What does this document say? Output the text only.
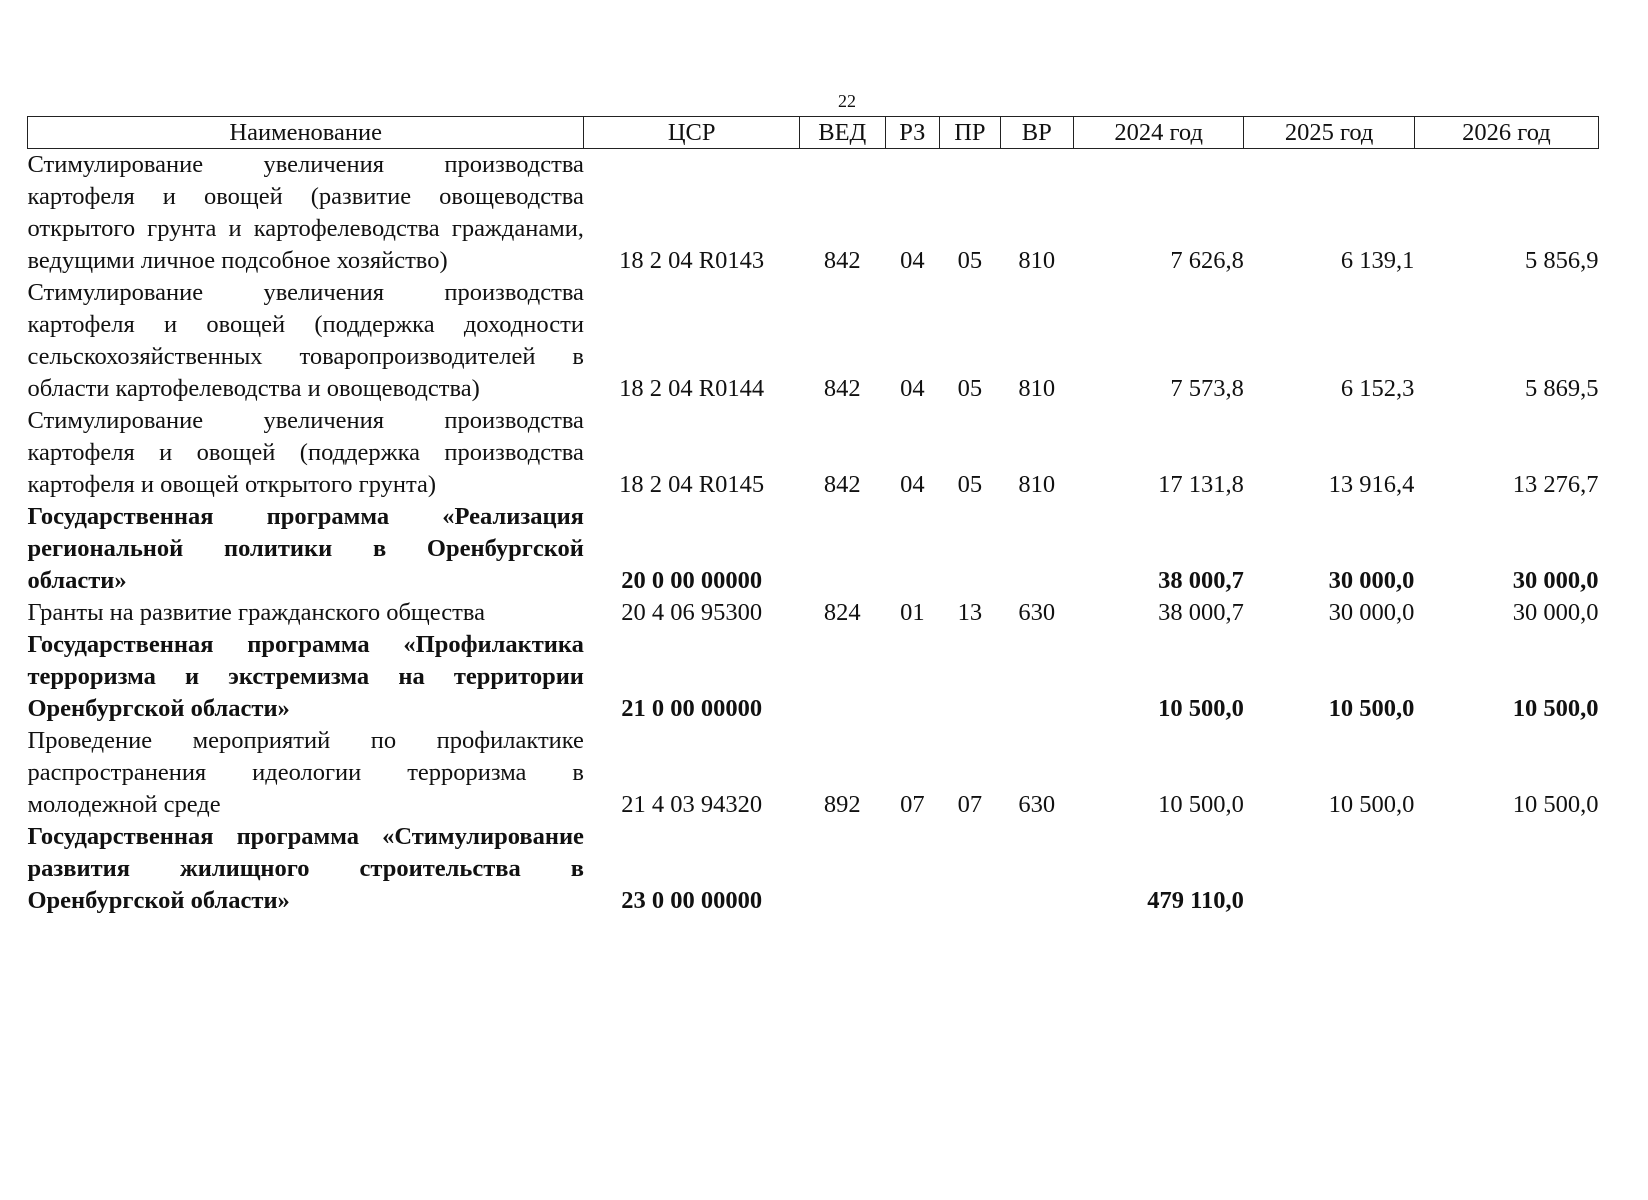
22
Наименование	ЦСР	ВЕД	РЗ	ПР	ВР	2024 год	2025 год	2026 год
Стимулирование увеличения производства картофеля и овощей (развитие овощеводства открытого грунта и картофелеводства гражданами, ведущими личное подсобное хозяйство)	18 2 04 R0143	842	04	05	810	7 626,8	6 139,1	5 856,9
Стимулирование увеличения производства картофеля и овощей (поддержка доходности сельскохозяйственных товаропроизводителей в области картофелеводства и овощеводства)	18 2 04 R0144	842	04	05	810	7 573,8	6 152,3	5 869,5
Стимулирование увеличения производства картофеля и овощей (поддержка производства картофеля и овощей открытого грунта)	18 2 04 R0145	842	04	05	810	17 131,8	13 916,4	13 276,7
Государственная программа «Реализация региональной политики в Оренбургской области»	20 0 00 00000					38 000,7	30 000,0	30 000,0
Гранты на развитие гражданского общества	20 4 06 95300	824	01	13	630	38 000,7	30 000,0	30 000,0
Государственная программа «Профилактика терроризма и экстремизма на территории Оренбургской области»	21 0 00 00000					10 500,0	10 500,0	10 500,0
Проведение мероприятий по профилактике распространения идеологии терроризма в молодежной среде	21 4 03 94320	892	07	07	630	10 500,0	10 500,0	10 500,0
Государственная программа «Стимулирование развития жилищного строительства в Оренбургской области»	23 0 00 00000					479 110,0		
